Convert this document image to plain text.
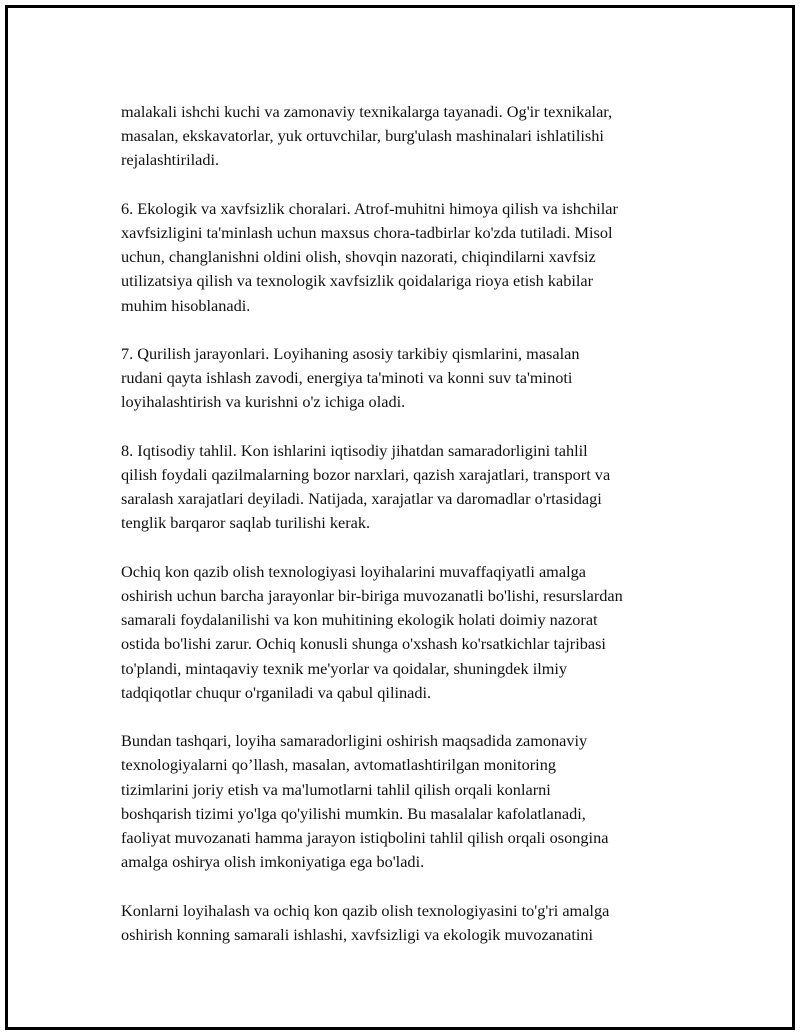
malakali ishchi kuchi va zamonaviy texnikalarga tayanadi. Og'ir texnikalar,
masalan, ekskavatorlar, yuk ortuvchilar, burg'ulash mashinalari ishlatilishi
rejalashtiriladi.

6. Ekologik va xavfsizlik choralari. Atrof-muhitni himoya qilish va ishchilar
xavfsizligini ta'minlash uchun maxsus chora-tadbirlar ko'zda tutiladi. Misol
uchun, changlanishni oldini olish, shovqin nazorati, chiqindilarni xavfsiz
utilizatsiya qilish va texnologik xavfsizlik qoidalariga rioya etish kabilar
muhim hisoblanadi.

7. Qurilish jarayonlari. Loyihaning asosiy tarkibiy qismlarini, masalan
rudani qayta ishlash zavodi, energiya ta'minoti va konni suv ta'minoti
loyihalashtirish va kurishni o'z ichiga oladi.

8. Iqtisodiy tahlil. Kon ishlarini iqtisodiy jihatdan samaradorligini tahlil
qilish foydali qazilmalarning bozor narxlari, qazish xarajatlari, transport va
saralash xarajatlari deyiladi. Natijada, xarajatlar va daromadlar o'rtasidagi
tenglik barqaror saqlab turilishi kerak.

Ochiq kon qazib olish texnologiyasi loyihalarini muvaffaqiyatli amalga
oshirish uchun barcha jarayonlar bir-biriga muvozanatli bo'lishi, resurslardan
samarali foydalanilishi va kon muhitining ekologik holati doimiy nazorat
ostida bo'lishi zarur. Ochiq konusli shunga o'xshash ko'rsatkichlar tajribasi
to'plandi, mintaqaviy texnik me'yorlar va qoidalar, shuningdek ilmiy
tadqiqotlar chuqur o'rganiladi va qabul qilinadi.

Bundan tashqari, loyiha samaradorligini oshirish maqsadida zamonaviy
texnologiyalarni qo’llash, masalan, avtomatlashtirilgan monitoring
tizimlarini joriy etish va ma'lumotlarni tahlil qilish orqali konlarni
boshqarish tizimi yo'lga qo'yilishi mumkin. Bu masalalar kafolatlanadi,
faoliyat muvozanati hamma jarayon istiqbolini tahlil qilish orqali osongina
amalga oshirya olish imkoniyatiga ega bo'ladi.

Konlarni loyihalash va ochiq kon qazib olish texnologiyasini to'g'ri amalga
oshirish konning samarali ishlashi, xavfsizligi va ekologik muvozanatini
